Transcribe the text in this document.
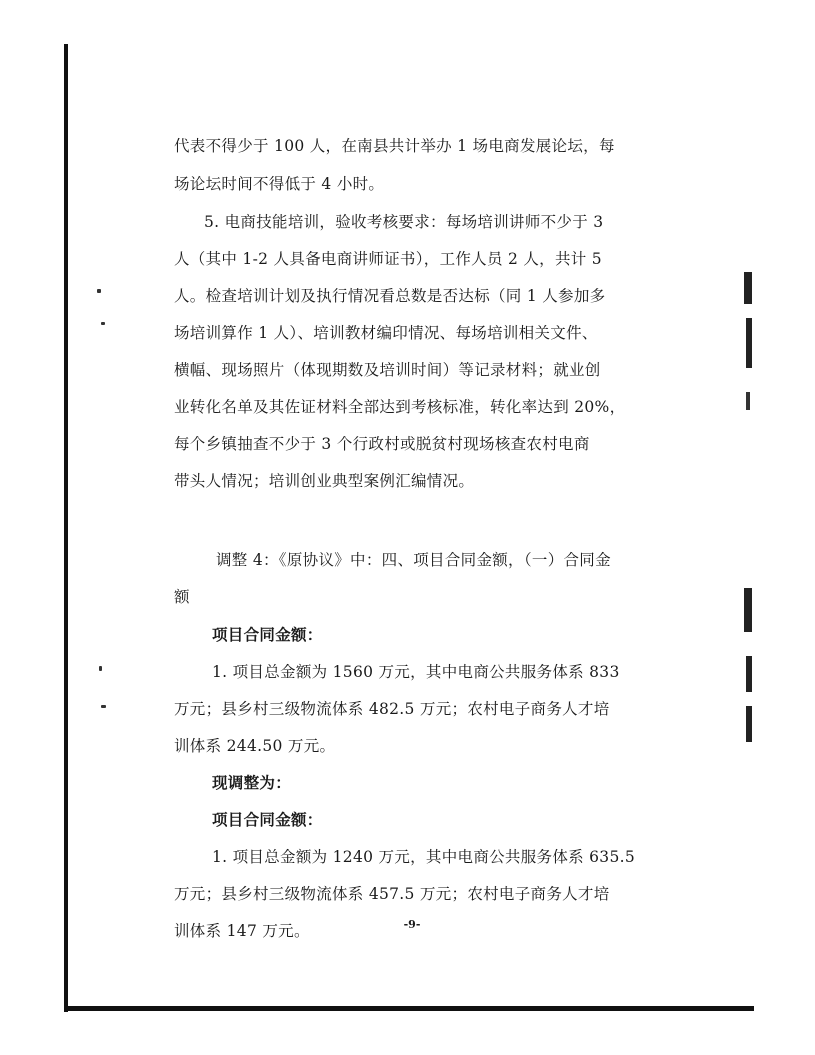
代表不得少于 100 人，在南县共计举办 1 场电商发展论坛，每
场论坛时间不得低于 4 小时。
5. 电商技能培训，验收考核要求：每场培训讲师不少于 3
人（其中 1-2 人具备电商讲师证书），工作人员 2 人，共计 5
人。检查培训计划及执行情况看总数是否达标（同 1 人参加多
场培训算作 1 人）、培训教材编印情况、每场培训相关文件、
横幅、现场照片（体现期数及培训时间）等记录材料；就业创
业转化名单及其佐证材料全部达到考核标准，转化率达到 20%，
每个乡镇抽查不少于 3 个行政村或脱贫村现场核查农村电商
带头人情况；培训创业典型案例汇编情况。
调整 4：《原协议》中：四、项目合同金额，（一）合同金
额
项目合同金额：
1. 项目总金额为 1560 万元，其中电商公共服务体系 833
万元；县乡村三级物流体系 482.5 万元；农村电子商务人才培
训体系 244.50 万元。
现调整为：
项目合同金额：
1. 项目总金额为 1240 万元，其中电商公共服务体系 635.5
万元；县乡村三级物流体系 457.5 万元；农村电子商务人才培
训体系 147 万元。	-9-
